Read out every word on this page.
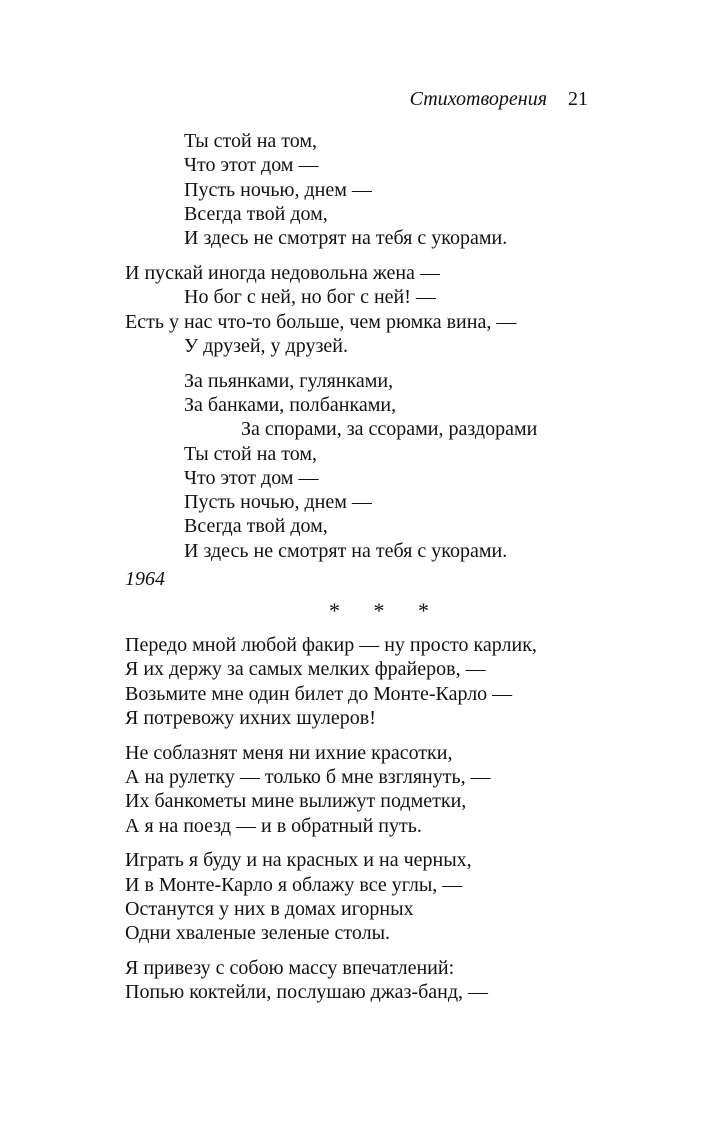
Стихотворения 21
Ты стой на том,
Что этот дом —
Пусть ночью, днем —
Всегда твой дом,
И здесь не смотрят на тебя с укорами.
И пускай иногда недовольна жена —
Но бог с ней, но бог с ней! —
Есть у нас что-то больше, чем рюмка вина, —
У друзей, у друзей.
За пьянками, гулянками,
За банками, полбанками,
За спорами, за ссорами, раздорами
Ты стой на том,
Что этот дом —
Пусть ночью, днем —
Всегда твой дом,
И здесь не смотрят на тебя с укорами.
1964
* * *
Передо мной любой факир — ну просто карлик,
Я их держу за самых мелких фрайеров, —
Возьмите мне один билет до Монте-Карло —
Я потревожу ихних шулеров!
Не соблазнят меня ни ихние красотки,
А на рулетку — только б мне взглянуть, —
Их банкометы мине вылижут подметки,
А я на поезд — и в обратный путь.
Играть я буду и на красных и на черных,
И в Монте-Карло я облажу все углы, —
Останутся у них в домах игорных
Одни хваленые зеленые столы.
Я привезу с собою массу впечатлений:
Попью коктейли, послушаю джаз-банд, —
